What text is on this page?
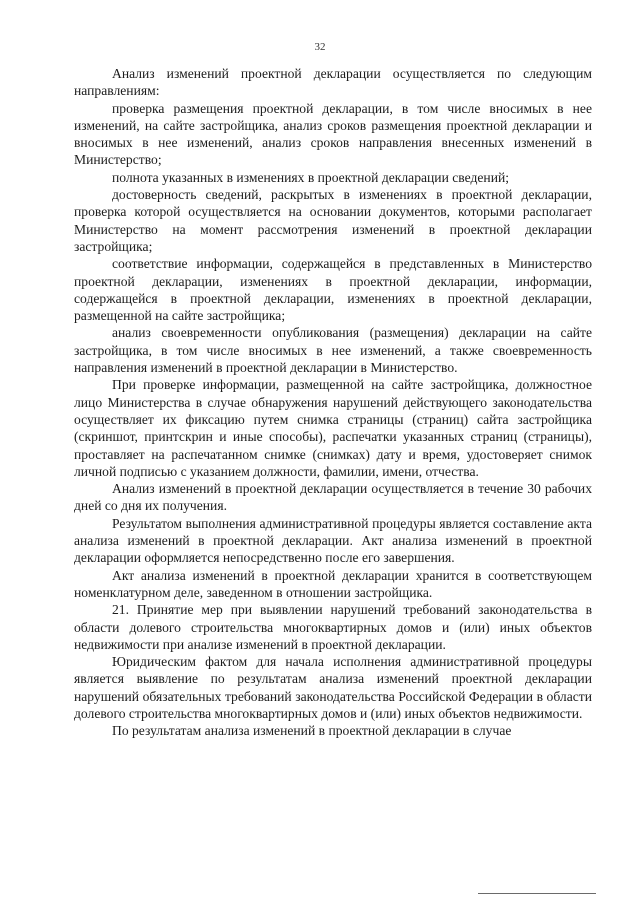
32

Анализ изменений проектной декларации осуществляется по следующим направлениям:

проверка размещения проектной декларации, в том числе вносимых в нее изменений, на сайте застройщика, анализ сроков размещения проектной декларации и вносимых в нее изменений, анализ сроков направления внесенных изменений в Министерство;

полнота указанных в изменениях в проектной декларации сведений;

достоверность сведений, раскрытых в изменениях в проектной декларации, проверка которой осуществляется на основании документов, которыми располагает Министерство на момент рассмотрения изменений в проектной декларации застройщика;

соответствие информации, содержащейся в представленных в Министерство проектной декларации, изменениях в проектной декларации, информации, содержащейся в проектной декларации, изменениях в проектной декларации, размещенной на сайте застройщика;

анализ своевременности опубликования (размещения) декларации на сайте застройщика, в том числе вносимых в нее изменений, а также своевременность направления изменений в проектной декларации в Министерство.

При проверке информации, размещенной на сайте застройщика, должностное лицо Министерства в случае обнаружения нарушений действующего законодательства осуществляет их фиксацию путем снимка страницы (страниц) сайта застройщика (скриншот, принтскрин и иные способы), распечатки указанных страниц (страницы), проставляет на распечатанном снимке (снимках) дату и время, удостоверяет снимок личной подписью с указанием должности, фамилии, имени, отчества.

Анализ изменений в проектной декларации осуществляется в течение 30 рабочих дней со дня их получения.

Результатом выполнения административной процедуры является составление акта анализа изменений в проектной декларации. Акт анализа изменений в проектной декларации оформляется непосредственно после его завершения.

Акт анализа изменений в проектной декларации хранится в соответствующем номенклатурном деле, заведенном в отношении застройщика.

21. Принятие мер при выявлении нарушений требований законодательства в области долевого строительства многоквартирных домов и (или) иных объектов недвижимости при анализе изменений в проектной декларации.

Юридическим фактом для начала исполнения административной процедуры является выявление по результатам анализа изменений проектной декларации нарушений обязательных требований законодательства Российской Федерации в области долевого строительства многоквартирных домов и (или) иных объектов недвижимости.

По результатам анализа изменений в проектной декларации в случае
